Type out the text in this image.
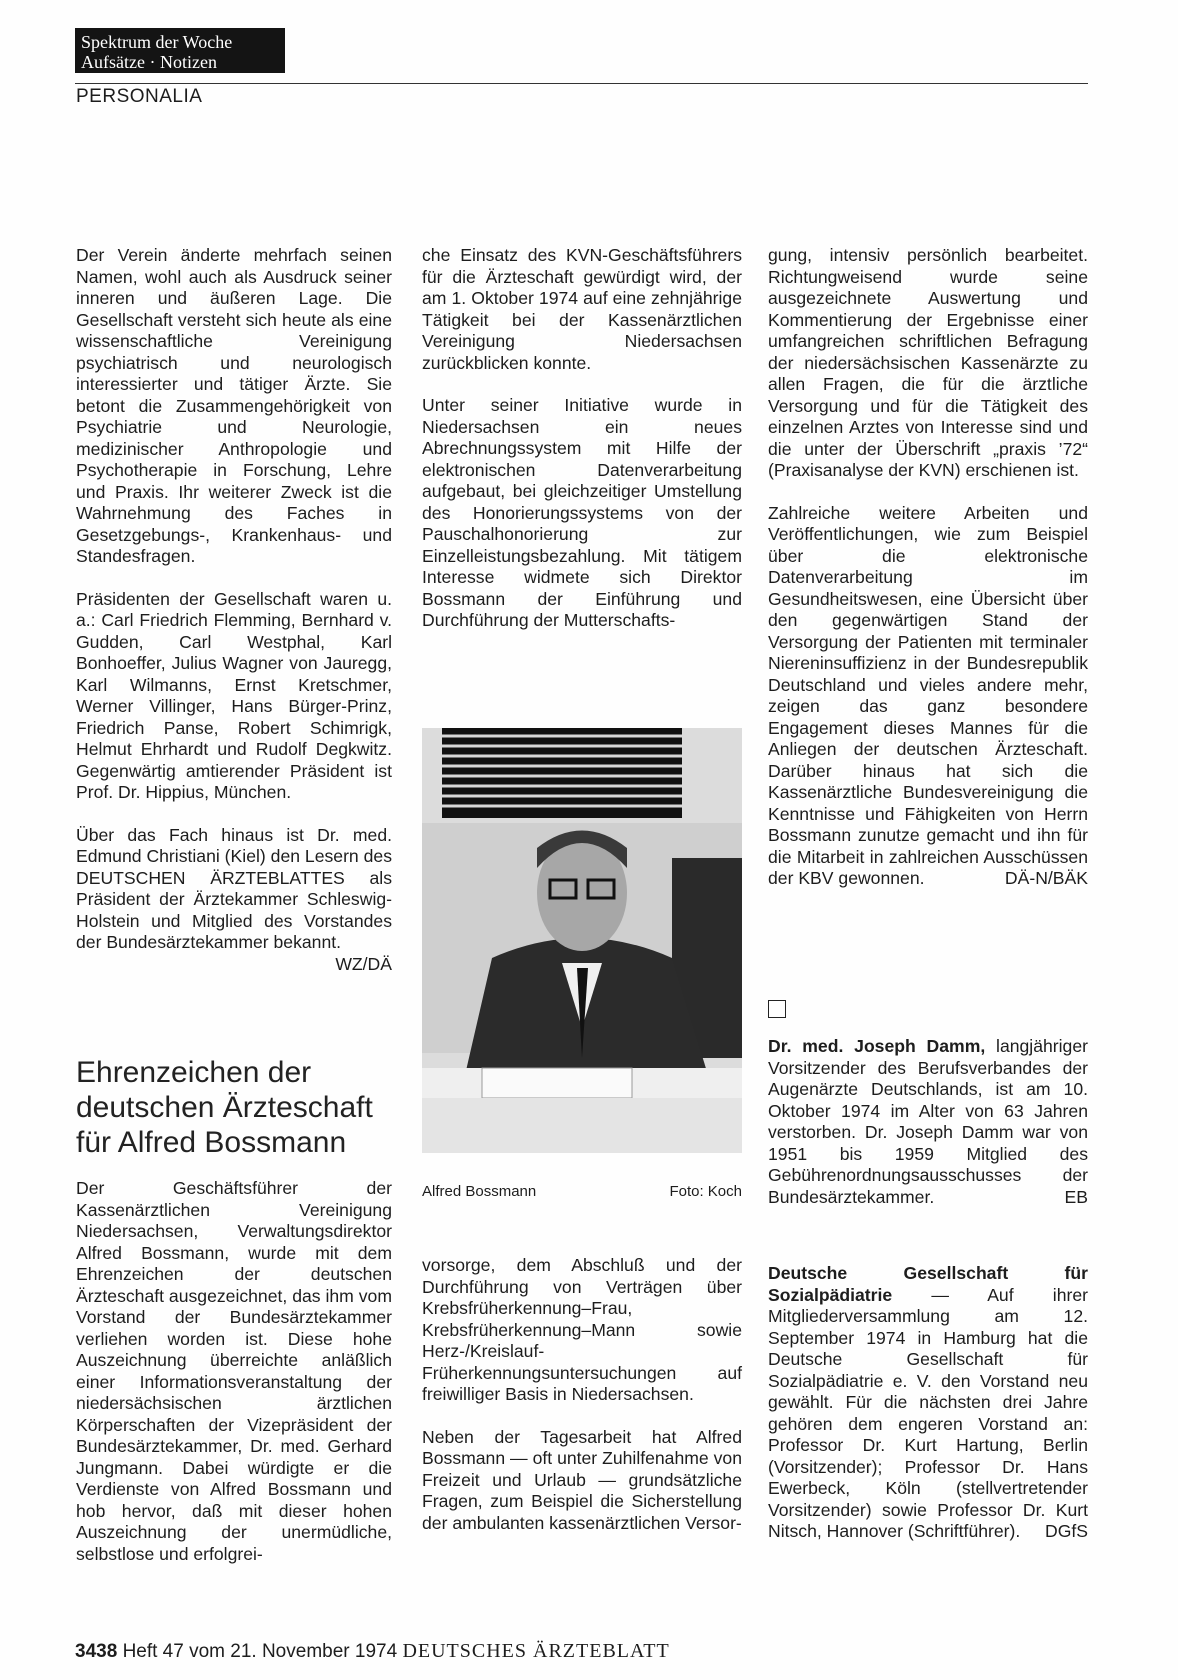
Spektrum der Woche
Aufsätze · Notizen
PERSONALIA

Der Verein änderte mehrfach seinen Namen, wohl auch als Ausdruck seiner inneren und äußeren Lage. Die Gesellschaft versteht sich heute als eine wissenschaftliche Vereinigung psychiatrisch und neurologisch interessierter und tätiger Ärzte. Sie betont die Zusammengehörigkeit von Psychiatrie und Neurologie, medizinischer Anthropologie und Psychotherapie in Forschung, Lehre und Praxis. Ihr weiterer Zweck ist die Wahrnehmung des Faches in Gesetzgebungs-, Krankenhaus- und Standesfragen.

Präsidenten der Gesellschaft waren u. a.: Carl Friedrich Flemming, Bernhard v. Gudden, Carl Westphal, Karl Bonhoeffer, Julius Wagner von Jauregg, Karl Wilmanns, Ernst Kretschmer, Werner Villinger, Hans Bürger-Prinz, Friedrich Panse, Robert Schimrigk, Helmut Ehrhardt und Rudolf Degkwitz. Gegenwärtig amtierender Präsident ist Prof. Dr. Hippius, München.

Über das Fach hinaus ist Dr. med. Edmund Christiani (Kiel) den Lesern des DEUTSCHEN ÄRZTEBLATTES als Präsident der Ärztekammer Schleswig-Holstein und Mitglied des Vorstandes der Bundesärztekammer bekannt.
WZ/DÄ

Ehrenzeichen der deutschen Ärzteschaft für Alfred Bossmann

Der Geschäftsführer der Kassenärztlichen Vereinigung Niedersachsen, Verwaltungsdirektor Alfred Bossmann, wurde mit dem Ehrenzeichen der deutschen Ärzteschaft ausgezeichnet, das ihm vom Vorstand der Bundesärztekammer verliehen worden ist. Diese hohe Auszeichnung überreichte anläßlich einer Informationsveranstaltung der niedersächsischen ärztlichen Körperschaften der Vizepräsident der Bundesärztekammer, Dr. med. Gerhard Jungmann. Dabei würdigte er die Verdienste von Alfred Bossmann und hob hervor, daß mit dieser hohen Auszeichnung der unermüdliche, selbstlose und erfolgrei-

che Einsatz des KVN-Geschäftsführers für die Ärzteschaft gewürdigt wird, der am 1. Oktober 1974 auf eine zehnjährige Tätigkeit bei der Kassenärztlichen Vereinigung Niedersachsen zurückblicken konnte.

Unter seiner Initiative wurde in Niedersachsen ein neues Abrechnungssystem mit Hilfe der elektronischen Datenverarbeitung aufgebaut, bei gleichzeitiger Umstellung des Honorierungssystems von der Pauschalhonorierung zur Einzelleistungsbezahlung. Mit tätigem Interesse widmete sich Direktor Bossmann der Einführung und Durchführung der Mutterschafts-

Alfred Bossmann	Foto: Koch

vorsorge, dem Abschluß und der Durchführung von Verträgen über Krebsfrüherkennung–Frau, Krebsfrüherkennung–Mann sowie Herz-/Kreislauf-Früherkennungsuntersuchungen auf freiwilliger Basis in Niedersachsen.

Neben der Tagesarbeit hat Alfred Bossmann — oft unter Zuhilfenahme von Freizeit und Urlaub — grundsätzliche Fragen, zum Beispiel die Sicherstellung der ambulanten kassenärztlichen Versor-

gung, intensiv persönlich bearbeitet. Richtungweisend wurde seine ausgezeichnete Auswertung und Kommentierung der Ergebnisse einer umfangreichen schriftlichen Befragung der niedersächsischen Kassenärzte zu allen Fragen, die für die ärztliche Versorgung und für die Tätigkeit des einzelnen Arztes von Interesse sind und die unter der Überschrift „praxis ’72“ (Praxisanalyse der KVN) erschienen ist.

Zahlreiche weitere Arbeiten und Veröffentlichungen, wie zum Beispiel über die elektronische Datenverarbeitung im Gesundheitswesen, eine Übersicht über den gegenwärtigen Stand der Versorgung der Patienten mit terminaler Niereninsuffizienz in der Bundesrepublik Deutschland und vieles andere mehr, zeigen das ganz besondere Engagement dieses Mannes für die Anliegen der deutschen Ärzteschaft. Darüber hinaus hat sich die Kassenärztliche Bundesvereinigung die Kenntnisse und Fähigkeiten von Herrn Bossmann zunutze gemacht und ihn für die Mitarbeit in zahlreichen Ausschüssen der KBV gewonnen.	DÄ-N/BÄK

Dr. med. Joseph Damm, langjähriger Vorsitzender des Berufsverbandes der Augenärzte Deutschlands, ist am 10. Oktober 1974 im Alter von 63 Jahren verstorben. Dr. Joseph Damm war von 1951 bis 1959 Mitglied des Gebührenordnungsausschusses der Bundesärztekammer.	EB

Deutsche Gesellschaft für Sozialpädiatrie — Auf ihrer Mitgliederversammlung am 12. September 1974 in Hamburg hat die Deutsche Gesellschaft für Sozialpädiatrie e. V. den Vorstand neu gewählt. Für die nächsten drei Jahre gehören dem engeren Vorstand an: Professor Dr. Kurt Hartung, Berlin (Vorsitzender); Professor Dr. Hans Ewerbeck, Köln (stellvertretender Vorsitzender) sowie Professor Dr. Kurt Nitsch, Hannover (Schriftführer). DGfS

3438 Heft 47 vom 21. November 1974 DEUTSCHES ÄRZTEBLATT
